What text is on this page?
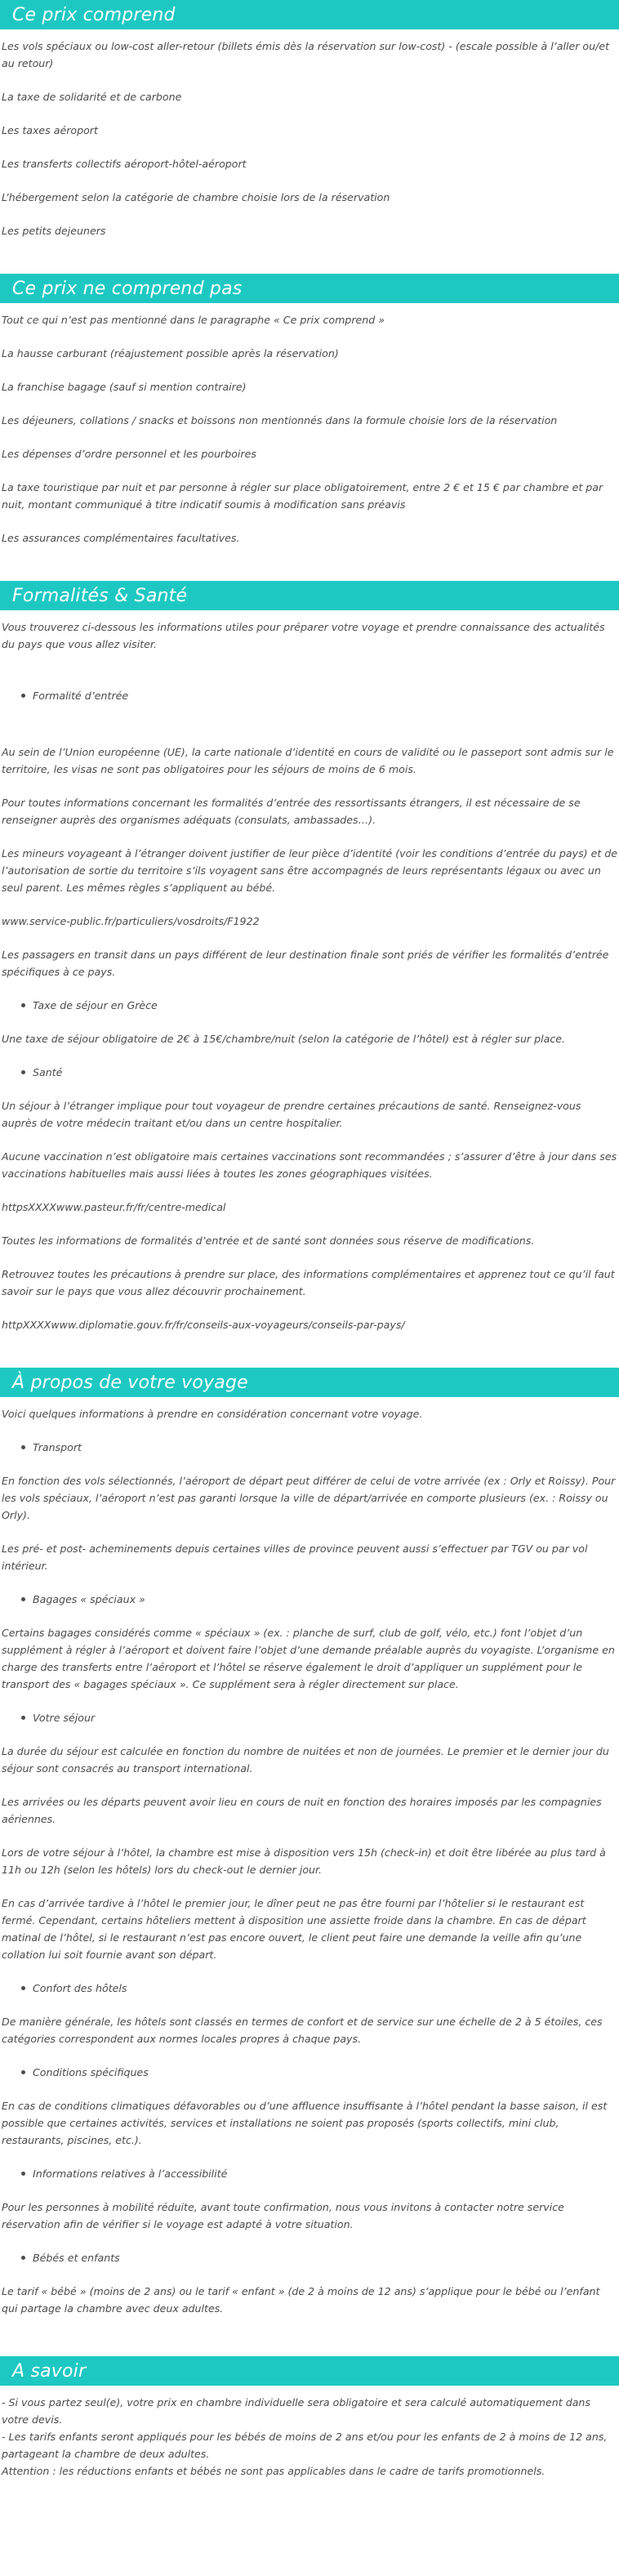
Ce prix comprend

Les vols spéciaux ou low-cost aller-retour (billets émis dès la réservation sur low-cost) - (escale possible à l’aller ou/et au retour)

La taxe de solidarité et de carbone

Les taxes aéroport

Les transferts collectifs aéroport-hôtel-aéroport

L’hébergement selon la catégorie de chambre choisie lors de la réservation

Les petits dejeuners

Ce prix ne comprend pas

Tout ce qui n’est pas mentionné dans le paragraphe « Ce prix comprend »

La hausse carburant (réajustement possible après la réservation)

La franchise bagage (sauf si mention contraire)

Les déjeuners, collations / snacks et boissons non mentionnés dans la formule choisie lors de la réservation

Les dépenses d’ordre personnel et les pourboires

La taxe touristique par nuit et par personne à régler sur place obligatoirement, entre 2 € et 15 € par chambre et par nuit, montant communiqué à titre indicatif soumis à modification sans préavis

Les assurances complémentaires facultatives.

Formalités & Santé

Vous trouverez ci-dessous les informations utiles pour préparer votre voyage et prendre connaissance des actualités du pays que vous allez visiter.

Formalité d’entrée

Au sein de l’Union européenne (UE), la carte nationale d’identité en cours de validité ou le passeport sont admis sur le territoire, les visas ne sont pas obligatoires pour les séjours de moins de 6 mois.

Pour toutes informations concernant les formalités d’entrée des ressortissants étrangers, il est nécessaire de se renseigner auprès des organismes adéquats (consulats, ambassades…).

Les mineurs voyageant à l’étranger doivent justifier de leur pièce d’identité (voir les conditions d’entrée du pays) et de l’autorisation de sortie du territoire s’ils voyagent sans être accompagnés de leurs représentants légaux ou avec un seul parent. Les mêmes règles s’appliquent au bébé.

www.service-public.fr/particuliers/vosdroits/F1922

Les passagers en transit dans un pays différent de leur destination finale sont priés de vérifier les formalités d’entrée spécifiques à ce pays.

Taxe de séjour en Grèce

Une taxe de séjour obligatoire de 2€ à 15€/chambre/nuit (selon la catégorie de l’hôtel) est à régler sur place.

Santé

Un séjour à l’étranger implique pour tout voyageur de prendre certaines précautions de santé. Renseignez-vous auprès de votre médecin traitant et/ou dans un centre hospitalier.

Aucune vaccination n’est obligatoire mais certaines vaccinations sont recommandées ; s’assurer d’être à jour dans ses vaccinations habituelles mais aussi liées à toutes les zones géographiques visitées.

httpsXXXXwww.pasteur.fr/fr/centre-medical

Toutes les informations de formalités d’entrée et de santé sont données sous réserve de modifications.

Retrouvez toutes les précautions à prendre sur place, des informations complémentaires et apprenez tout ce qu’il faut savoir sur le pays que vous allez découvrir prochainement.

httpXXXXwww.diplomatie.gouv.fr/fr/conseils-aux-voyageurs/conseils-par-pays/

À propos de votre voyage

Voici quelques informations à prendre en considération concernant votre voyage.

Transport

En fonction des vols sélectionnés, l’aéroport de départ peut différer de celui de votre arrivée (ex : Orly et Roissy). Pour les vols spéciaux, l’aéroport n’est pas garanti lorsque la ville de départ/arrivée en comporte plusieurs (ex. : Roissy ou Orly).

Les pré- et post- acheminements depuis certaines villes de province peuvent aussi s’effectuer par TGV ou par vol intérieur.

Bagages « spéciaux »

Certains bagages considérés comme « spéciaux » (ex. : planche de surf, club de golf, vélo, etc.) font l’objet d’un supplément à régler à l’aéroport et doivent faire l’objet d’une demande préalable auprès du voyagiste. L’organisme en charge des transferts entre l’aéroport et l’hôtel se réserve également le droit d’appliquer un supplément pour le transport des « bagages spéciaux ». Ce supplément sera à régler directement sur place.

Votre séjour

La durée du séjour est calculée en fonction du nombre de nuitées et non de journées. Le premier et le dernier jour du séjour sont consacrés au transport international.

Les arrivées ou les départs peuvent avoir lieu en cours de nuit en fonction des horaires imposés par les compagnies aériennes.

Lors de votre séjour à l’hôtel, la chambre est mise à disposition vers 15h (check-in) et doit être libérée au plus tard à 11h ou 12h (selon les hôtels) lors du check-out le dernier jour.

En cas d’arrivée tardive à l’hôtel le premier jour, le dîner peut ne pas être fourni par l’hôtelier si le restaurant est fermé. Cependant, certains hôteliers mettent à disposition une assiette froide dans la chambre. En cas de départ matinal de l’hôtel, si le restaurant n’est pas encore ouvert, le client peut faire une demande la veille afin qu’une collation lui soit fournie avant son départ.

Confort des hôtels

De manière générale, les hôtels sont classés en termes de confort et de service sur une échelle de 2 à 5 étoiles, ces catégories correspondent aux normes locales propres à chaque pays.

Conditions spécifiques

En cas de conditions climatiques défavorables ou d’une affluence insuffisante à l’hôtel pendant la basse saison, il est possible que certaines activités, services et installations ne soient pas proposés (sports collectifs, mini club, restaurants, piscines, etc.).

Informations relatives à l’accessibilité

Pour les personnes à mobilité réduite, avant toute confirmation, nous vous invitons à contacter notre service réservation afin de vérifier si le voyage est adapté à votre situation.

Bébés et enfants

Le tarif « bébé » (moins de 2 ans) ou le tarif « enfant » (de 2 à moins de 12 ans) s’applique pour le bébé ou l’enfant qui partage la chambre avec deux adultes.

A savoir

- Si vous partez seul(e), votre prix en chambre individuelle sera obligatoire et sera calculé automatiquement dans votre devis.

- Les tarifs enfants seront appliqués pour les bébés de moins de 2 ans et/ou pour les enfants de 2 à moins de 12 ans, partageant la chambre de deux adultes.

Attention : les réductions enfants et bébés ne sont pas applicables dans le cadre de tarifs promotionnels.
